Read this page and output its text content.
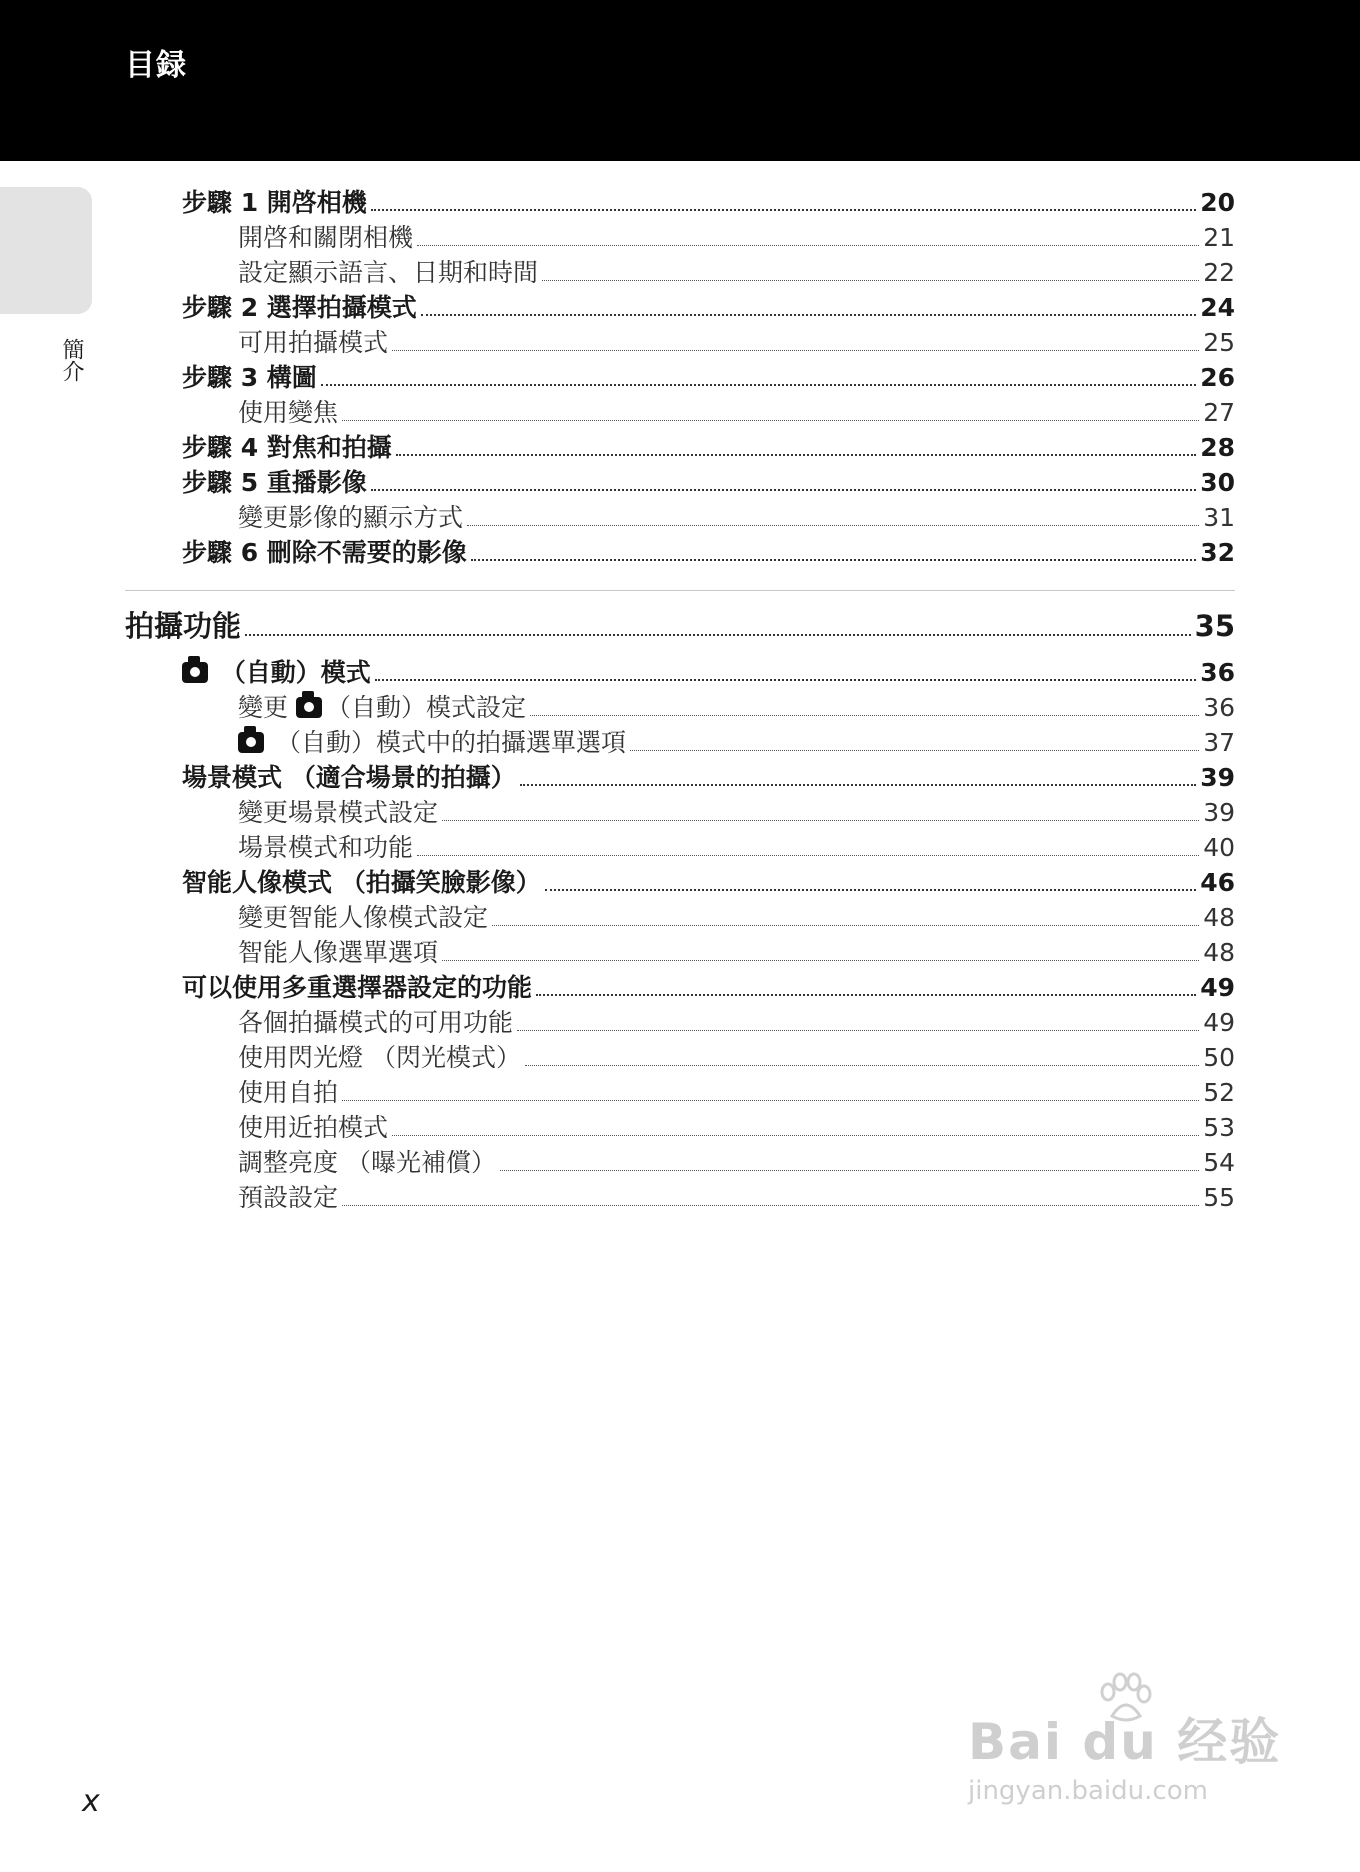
目録
簡介
步驟 1 開啓相機	20
開啓和關閉相機	21
設定顯示語言、日期和時間	22
步驟 2 選擇拍攝模式	24
可用拍攝模式	25
步驟 3 構圖	26
使用變焦	27
步驟 4 對焦和拍攝	28
步驟 5 重播影像	30
變更影像的顯示方式	31
步驟 6 刪除不需要的影像	32
拍攝功能	35
（自動）模式	36
變更 （自動）模式設定	36
（自動）模式中的拍攝選單選項	37
場景模式 （適合場景的拍攝）	39
變更場景模式設定	39
場景模式和功能	40
智能人像模式 （拍攝笑臉影像）	46
變更智能人像模式設定	48
智能人像選單選項	48
可以使用多重選擇器設定的功能	49
各個拍攝模式的可用功能	49
使用閃光燈 （閃光模式）	50
使用自拍	52
使用近拍模式	53
調整亮度 （曝光補償）	54
預設設定	55
x
Bai du 经验
jingyan.baidu.com
